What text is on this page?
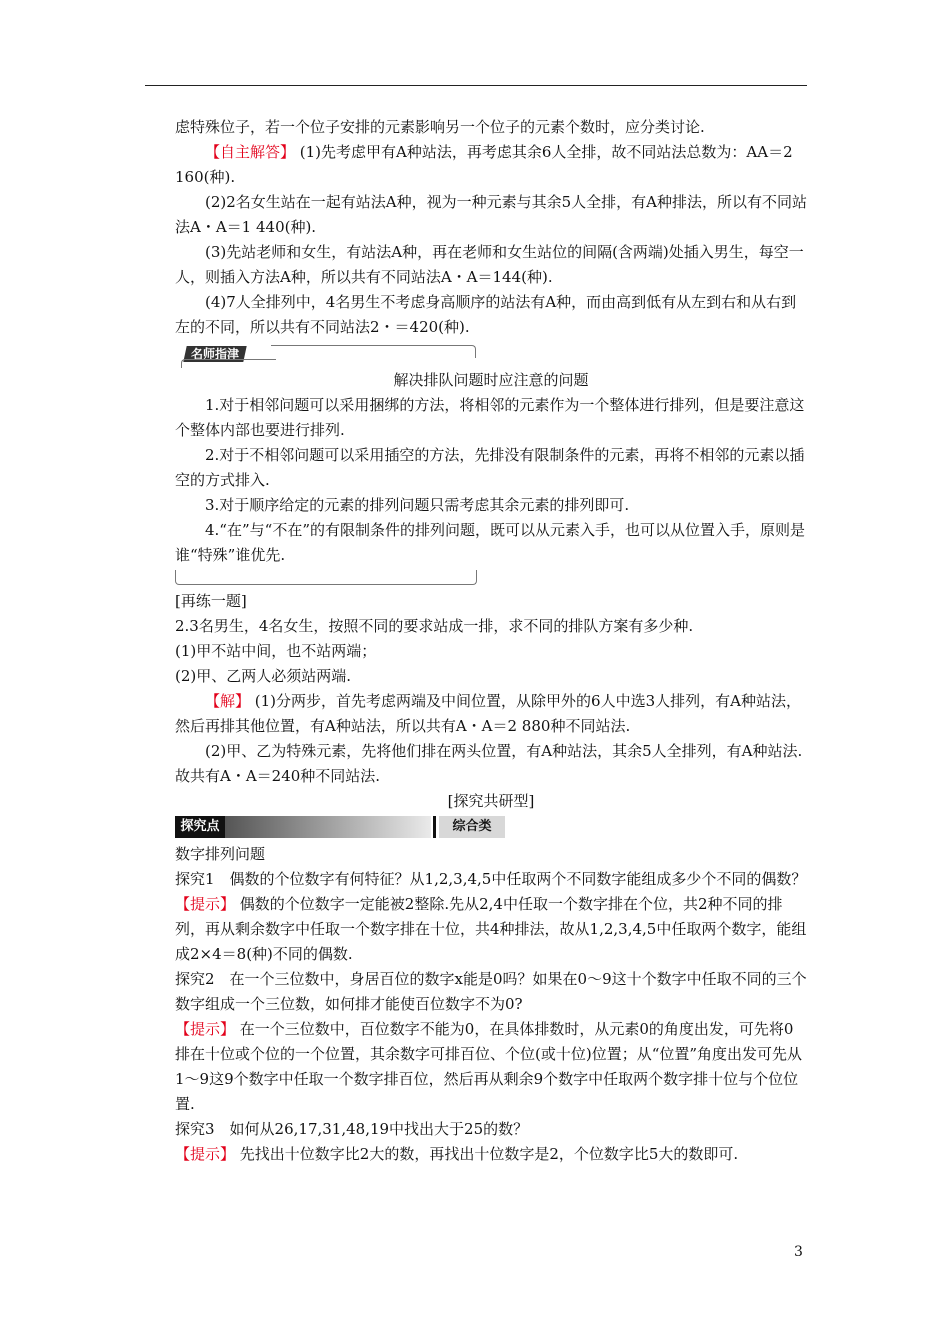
虑特殊位子，若一个位子安排的元素影响另一个位子的元素个数时，应分类讨论.

【自主解答】 (1)先考虑甲有A种站法，再考虑其余6人全排，故不同站法总数为：AA＝2 160(种).

(2)2名女生站在一起有站法A种，视为一种元素与其余5人全排，有A种排法，所以有不同站法A・A＝1 440(种).

(3)先站老师和女生，有站法A种，再在老师和女生站位的间隔(含两端)处插入男生，每空一人，则插入方法A种，所以共有不同站法A・A＝144(种).

(4)7人全排列中，4名男生不考虑身高顺序的站法有A种，而由高到低有从左到右和从右到左的不同，所以共有不同站法2・＝420(种).

名师指津

解决排队问题时应注意的问题

1.对于相邻问题可以采用捆绑的方法，将相邻的元素作为一个整体进行排列，但是要注意这个整体内部也要进行排列.

2.对于不相邻问题可以采用插空的方法，先排没有限制条件的元素，再将不相邻的元素以插空的方式排入.

3.对于顺序给定的元素的排列问题只需考虑其余元素的排列即可.

4.“在”与“不在”的有限制条件的排列问题，既可以从元素入手，也可以从位置入手，原则是谁“特殊”谁优先.

[再练一题]

2.3名男生，4名女生，按照不同的要求站成一排，求不同的排队方案有多少种.

(1)甲不站中间，也不站两端；

(2)甲、乙两人必须站两端.

【解】 (1)分两步，首先考虑两端及中间位置，从除甲外的6人中选3人排列，有A种站法，然后再排其他位置，有A种站法，所以共有A・A＝2 880种不同站法.

(2)甲、乙为特殊元素，先将他们排在两头位置，有A种站法，其余5人全排列，有A种站法.故共有A・A＝240种不同站法.

[探究共研型]

探究点	综合类

数字排列问题

探究1　偶数的个位数字有何特征？从1,2,3,4,5中任取两个不同数字能组成多少个不同的偶数？

【提示】 偶数的个位数字一定能被2整除.先从2,4中任取一个数字排在个位，共2种不同的排列，再从剩余数字中任取一个数字排在十位，共4种排法，故从1,2,3,4,5中任取两个数字，能组成2×4＝8(种)不同的偶数.

探究2　在一个三位数中，身居百位的数字x能是0吗？如果在0～9这十个数字中任取不同的三个数字组成一个三位数，如何排才能使百位数字不为0?

【提示】 在一个三位数中，百位数字不能为0，在具体排数时，从元素0的角度出发，可先将0排在十位或个位的一个位置，其余数字可排百位、个位(或十位)位置；从“位置”角度出发可先从1～9这9个数字中任取一个数字排百位，然后再从剩余9个数字中任取两个数字排十位与个位位置.

探究3　如何从26,17,31,48,19中找出大于25的数？

【提示】 先找出十位数字比2大的数，再找出十位数字是2，个位数字比5大的数即可.

3
